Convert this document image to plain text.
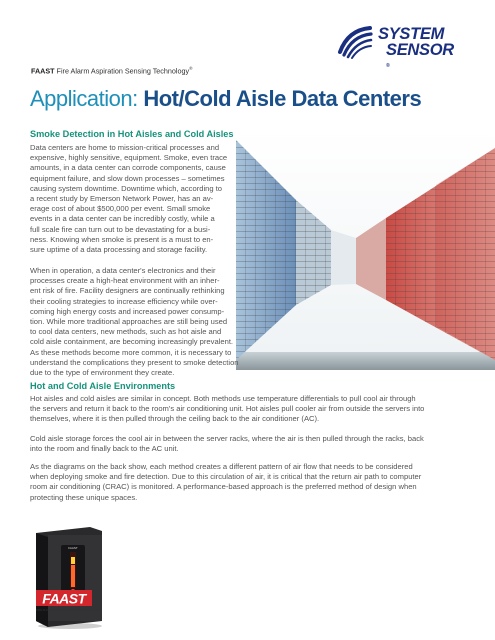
FAAST Fire Alarm Aspiration Sensing Technology®
SYSTEM
SENSOR
®
Application: Hot/Cold Aisle Data Centers
Smoke Detection in Hot Aisles and Cold Aisles
Data centers are home to mission-critical processes and
expensive, highly sensitive, equipment. Smoke, even trace
amounts, in a data center can corrode components, cause
equipment failure, and slow down processes – sometimes
causing system downtime. Downtime which, according to
a recent study by Emerson Network Power, has an av-
erage cost of about $500,000 per event. Small smoke
events in a data center can be incredibly costly, while a
full scale fire can turn out to be devastating for a busi-
ness. Knowing when smoke is present is a must to en-
sure uptime of a data processing and storage facility.
When in operation, a data center's electronics and their
processes create a high-heat environment with an inher-
ent risk of fire. Facility designers are continually rethinking
their cooling strategies to increase efficiency while over-
coming high energy costs and increased power consump-
tion. While more traditional approaches are still being used
to cool data centers, new methods, such as hot aisle and
cold aisle containment, are becoming increasingly prevalent.
As these methods become more common, it is necessary to
understand the complications they present to smoke detection
due to the type of environment they create.
Hot and Cold Aisle Environments
Hot aisles and cold aisles are similar in concept. Both methods use temperature differentials to pull cool air through
the servers and return it back to the room's air conditioning unit. Hot aisles pull cooler air from outside the servers into
themselves, where it is then pulled through the ceiling back to the air conditioner (AC).
Cold aisle storage forces the cool air in between the server racks, where the air is then pulled through the racks, back
into the room and finally back to the AC unit.
As the diagrams on the back show, each method creates a different pattern of air flow that needs to be considered
when deploying smoke and fire detection. Due to this circulation of air, it is critical that the return air path to computer
room air conditioning (CRAC) is monitored. A performance-based approach is the preferred method of design when
protecting these unique spaces.
FAAST
FAAST
FIRE ALARM ASPIRATION SENSING TECHNOLOGY
